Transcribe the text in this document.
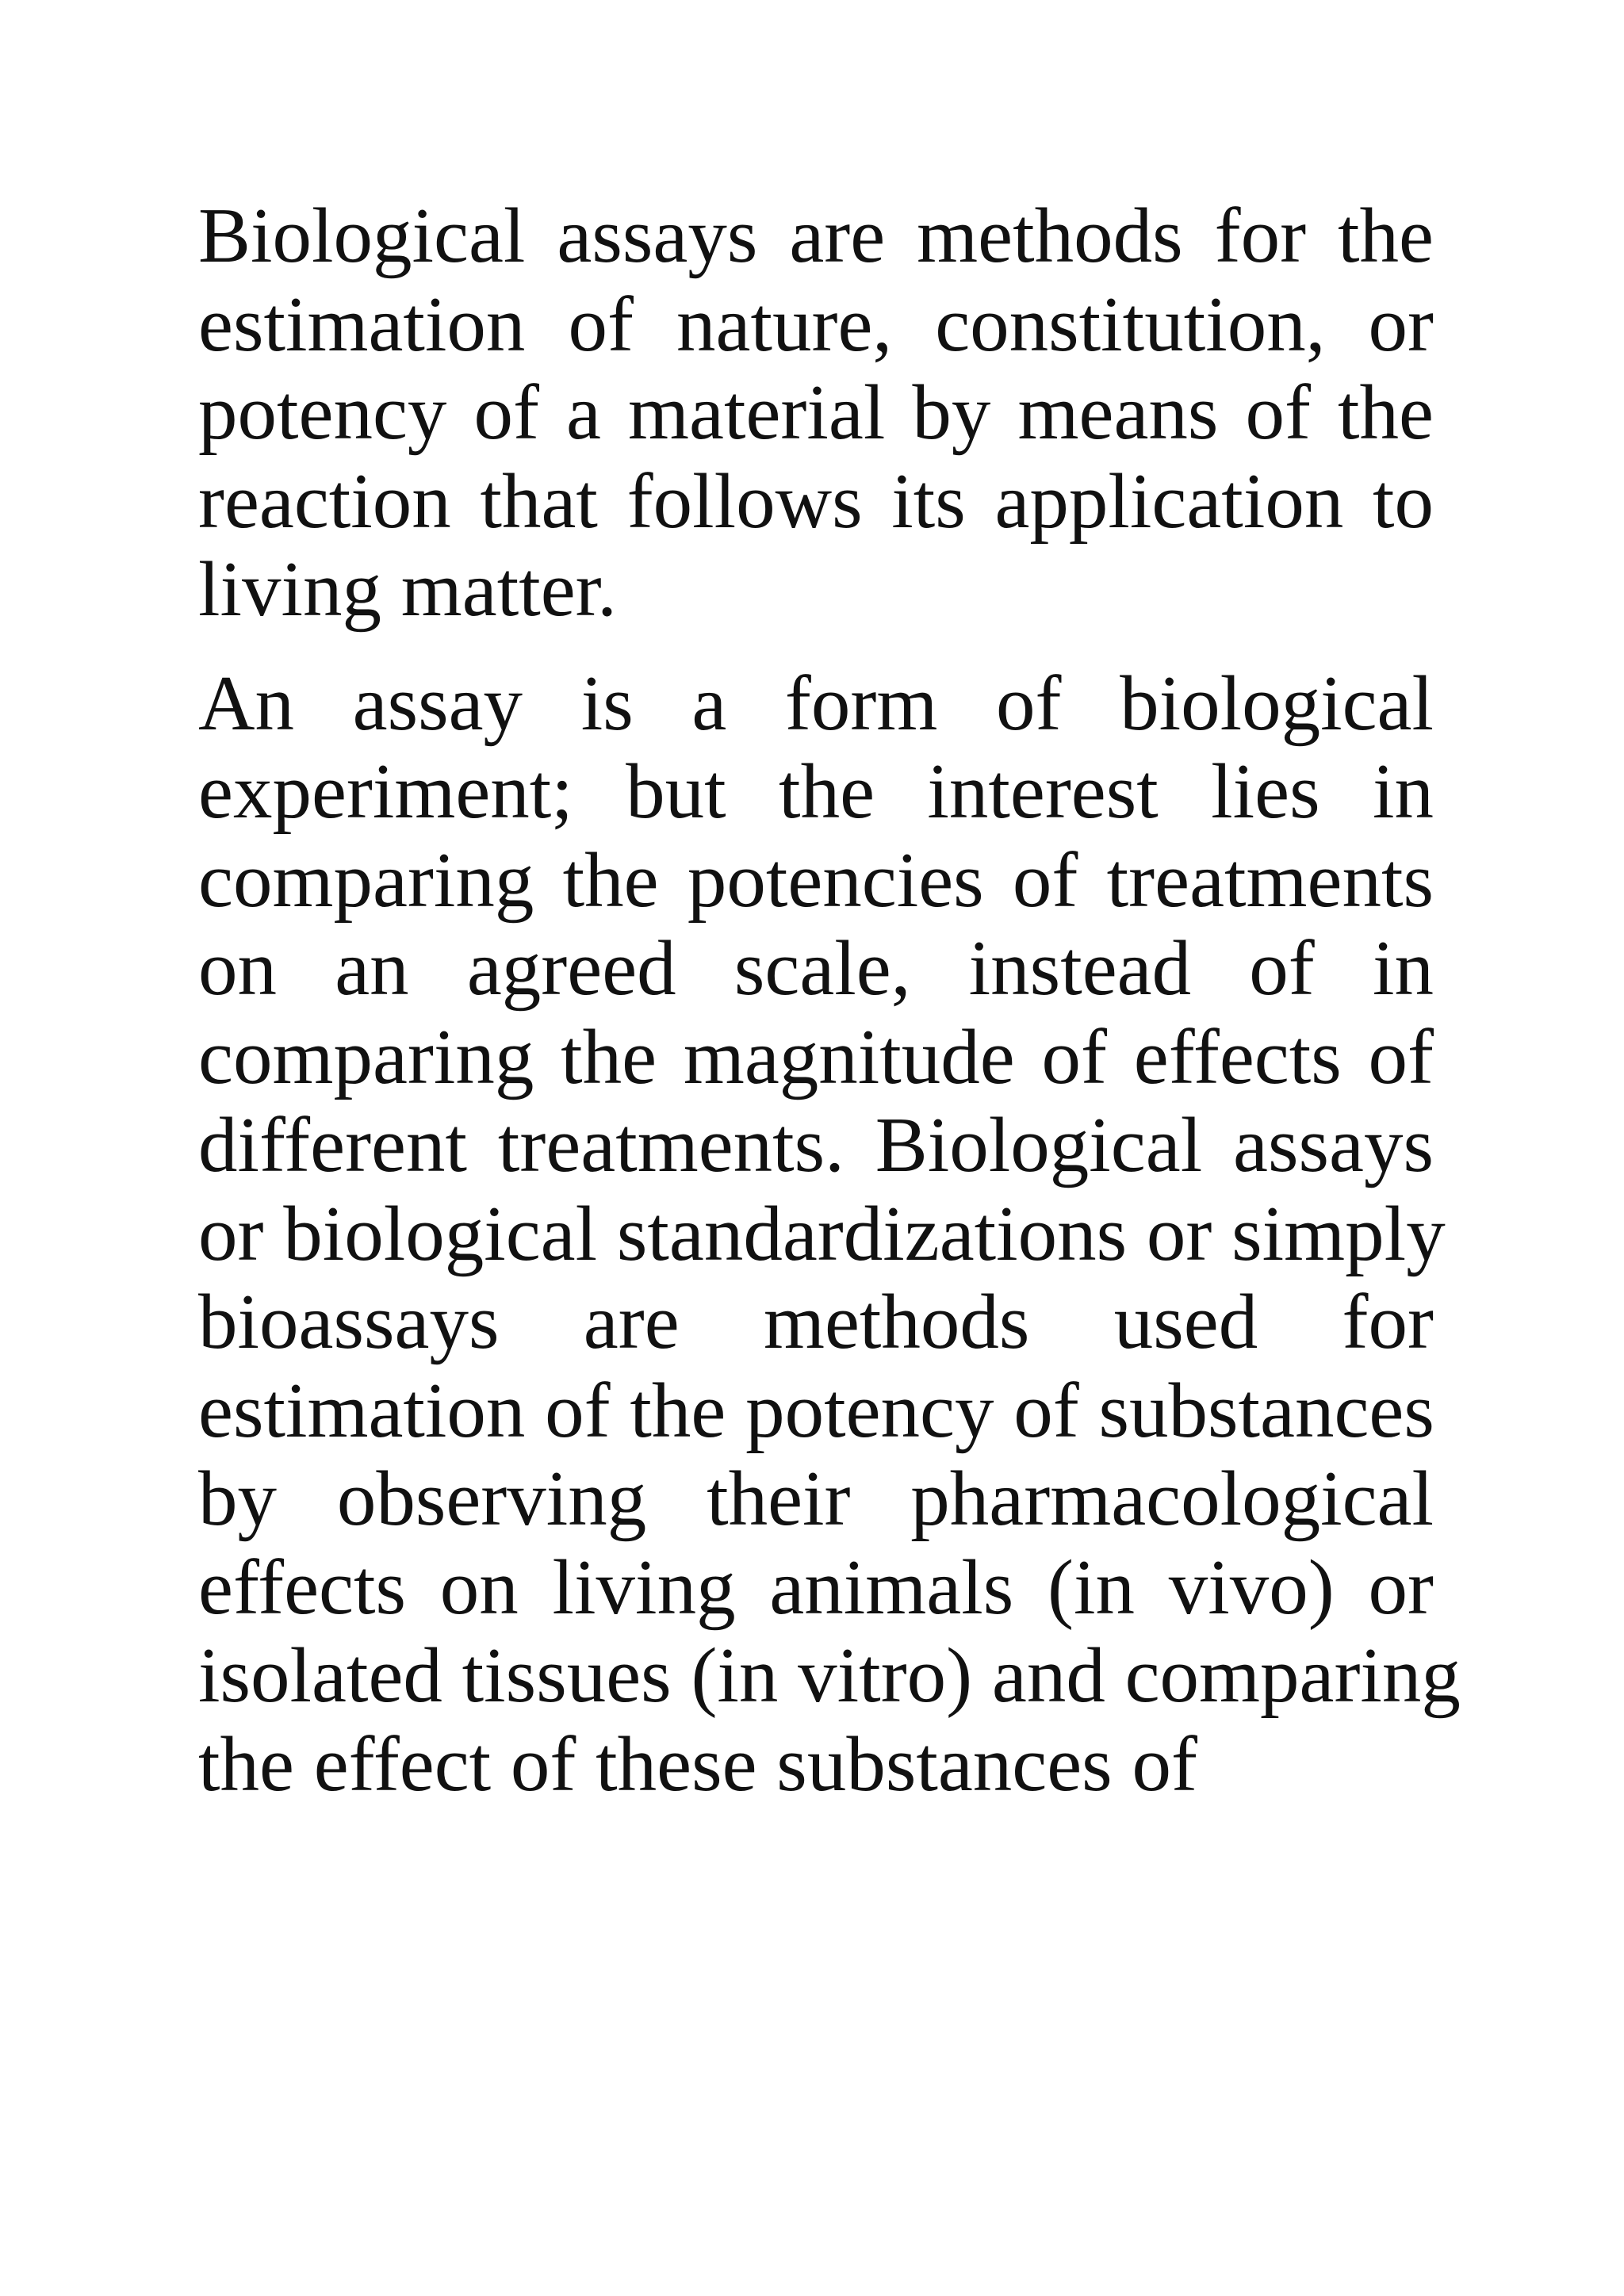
Biological assays are methods for the
estimation of nature, constitution, or
potency of a material by means of the
reaction that follows its application to
living matter.

An assay is a form of biological
experiment; but the interest lies in
comparing the potencies of treatments
on an agreed scale, instead of in
comparing the magnitude of effects of
different treatments. Biological assays
or biological standardizations or simply
bioassays are methods used for
estimation of the potency of substances
by observing their pharmacological
effects on living animals (in vivo) or
isolated tissues (in vitro) and comparing
the effect of these substances of
